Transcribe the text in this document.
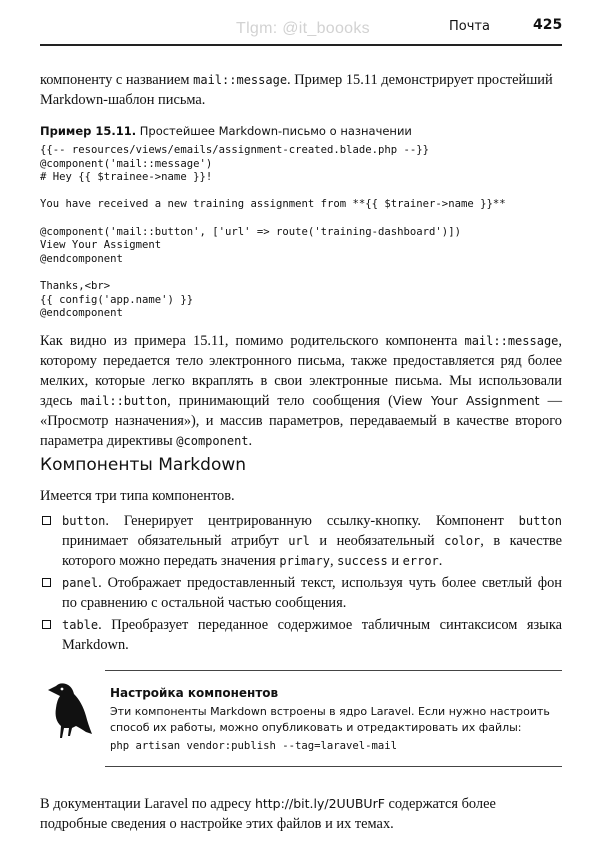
Tlgm: @it_boooks	Почта	425
компоненту с названием mail::message. Пример 15.11 демонстрирует простейший Markdown-шаблон письма.
Пример 15.11. Простейшее Markdown-письмо о назначении
{{-- resources/views/emails/assignment-created.blade.php --}}
@component('mail::message')
# Hey {{ $trainee->name }}!

You have received a new training assignment from **{{ $trainer->name }}**

@component('mail::button', ['url' => route('training-dashboard')])
View Your Assigment
@endcomponent

Thanks,<br>
{{ config('app.name') }}
@endcomponent
Как видно из примера 15.11, помимо родительского компонента mail::message, которому передается тело электронного письма, также предоставляется ряд более мелких, которые легко вкраплять в свои электронные письма. Мы использовали здесь mail::button, принимающий тело сообщения (View Your Assignment — «Просмотр назначения»), и массив параметров, передаваемый в качестве второго параметра директивы @component.
Компоненты Markdown
Имеется три типа компонентов.
button. Генерирует центрированную ссылку-кнопку. Компонент button принимает обязательный атрибут url и необязательный color, в качестве которого можно передать значения primary, success и error.
panel. Отображает предоставленный текст, используя чуть более светлый фон по сравнению с остальной частью сообщения.
table. Преобразует переданное содержимое табличным синтаксисом языка Markdown.
Настройка компонентов
Эти компоненты Markdown встроены в ядро Laravel. Если нужно настроить способ их работы, можно опубликовать и отредактировать их файлы:
php artisan vendor:publish --tag=laravel-mail
В документации Laravel по адресу http://bit.ly/2UUBUrF содержатся более подробные сведения о настройке этих файлов и их темах.
